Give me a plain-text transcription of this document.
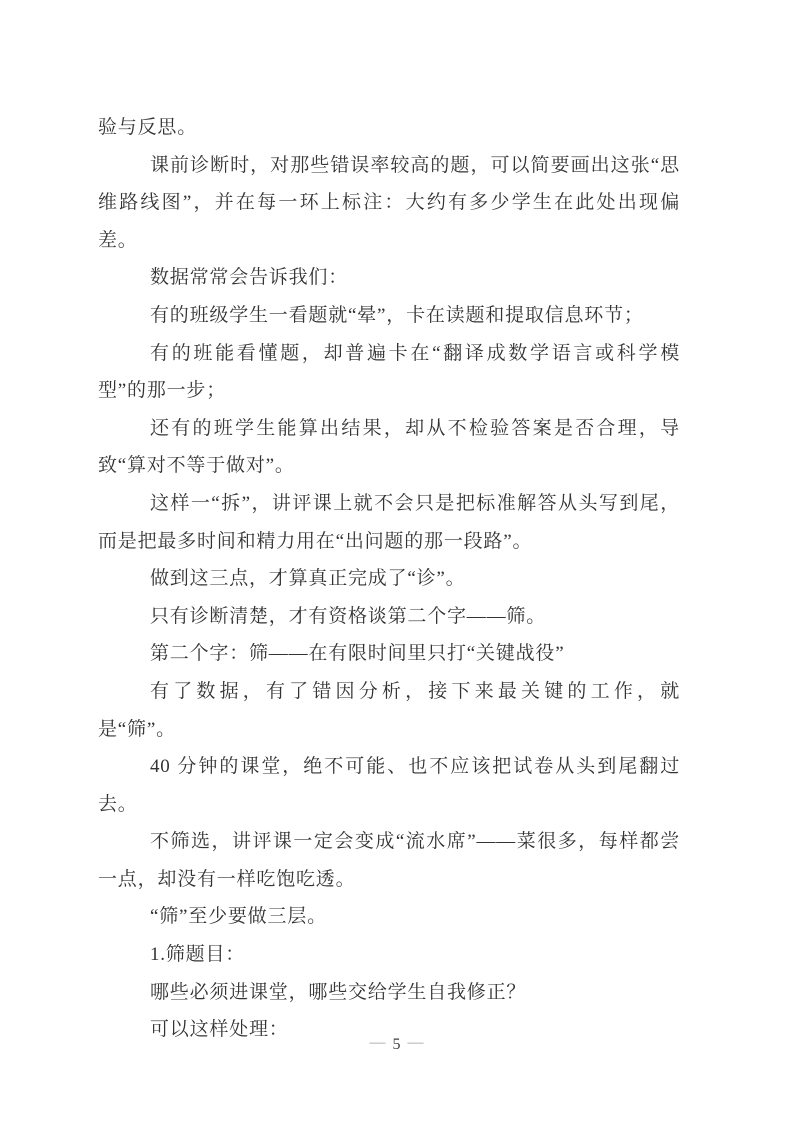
验与反思。

课前诊断时，对那些错误率较高的题，可以简要画出这张“思维路线图”，并在每一环上标注：大约有多少学生在此处出现偏差。

数据常常会告诉我们：

有的班级学生一看题就“晕”，卡在读题和提取信息环节；

有的班能看懂题，却普遍卡在“翻译成数学语言或科学模型”的那一步；

还有的班学生能算出结果，却从不检验答案是否合理，导致“算对不等于做对”。

这样一“拆”，讲评课上就不会只是把标准解答从头写到尾，而是把最多时间和精力用在“出问题的那一段路”。

做到这三点，才算真正完成了“诊”。

只有诊断清楚，才有资格谈第二个字——筛。

第二个字：筛——在有限时间里只打“关键战役”

有了数据，有了错因分析，接下来最关键的工作，就是“筛”。

40 分钟的课堂，绝不可能、也不应该把试卷从头到尾翻过去。

不筛选，讲评课一定会变成“流水席”——菜很多，每样都尝一点，却没有一样吃饱吃透。

“筛”至少要做三层。

1.筛题目：

哪些必须进课堂，哪些交给学生自我修正？

可以这样处理：

— 5 —
